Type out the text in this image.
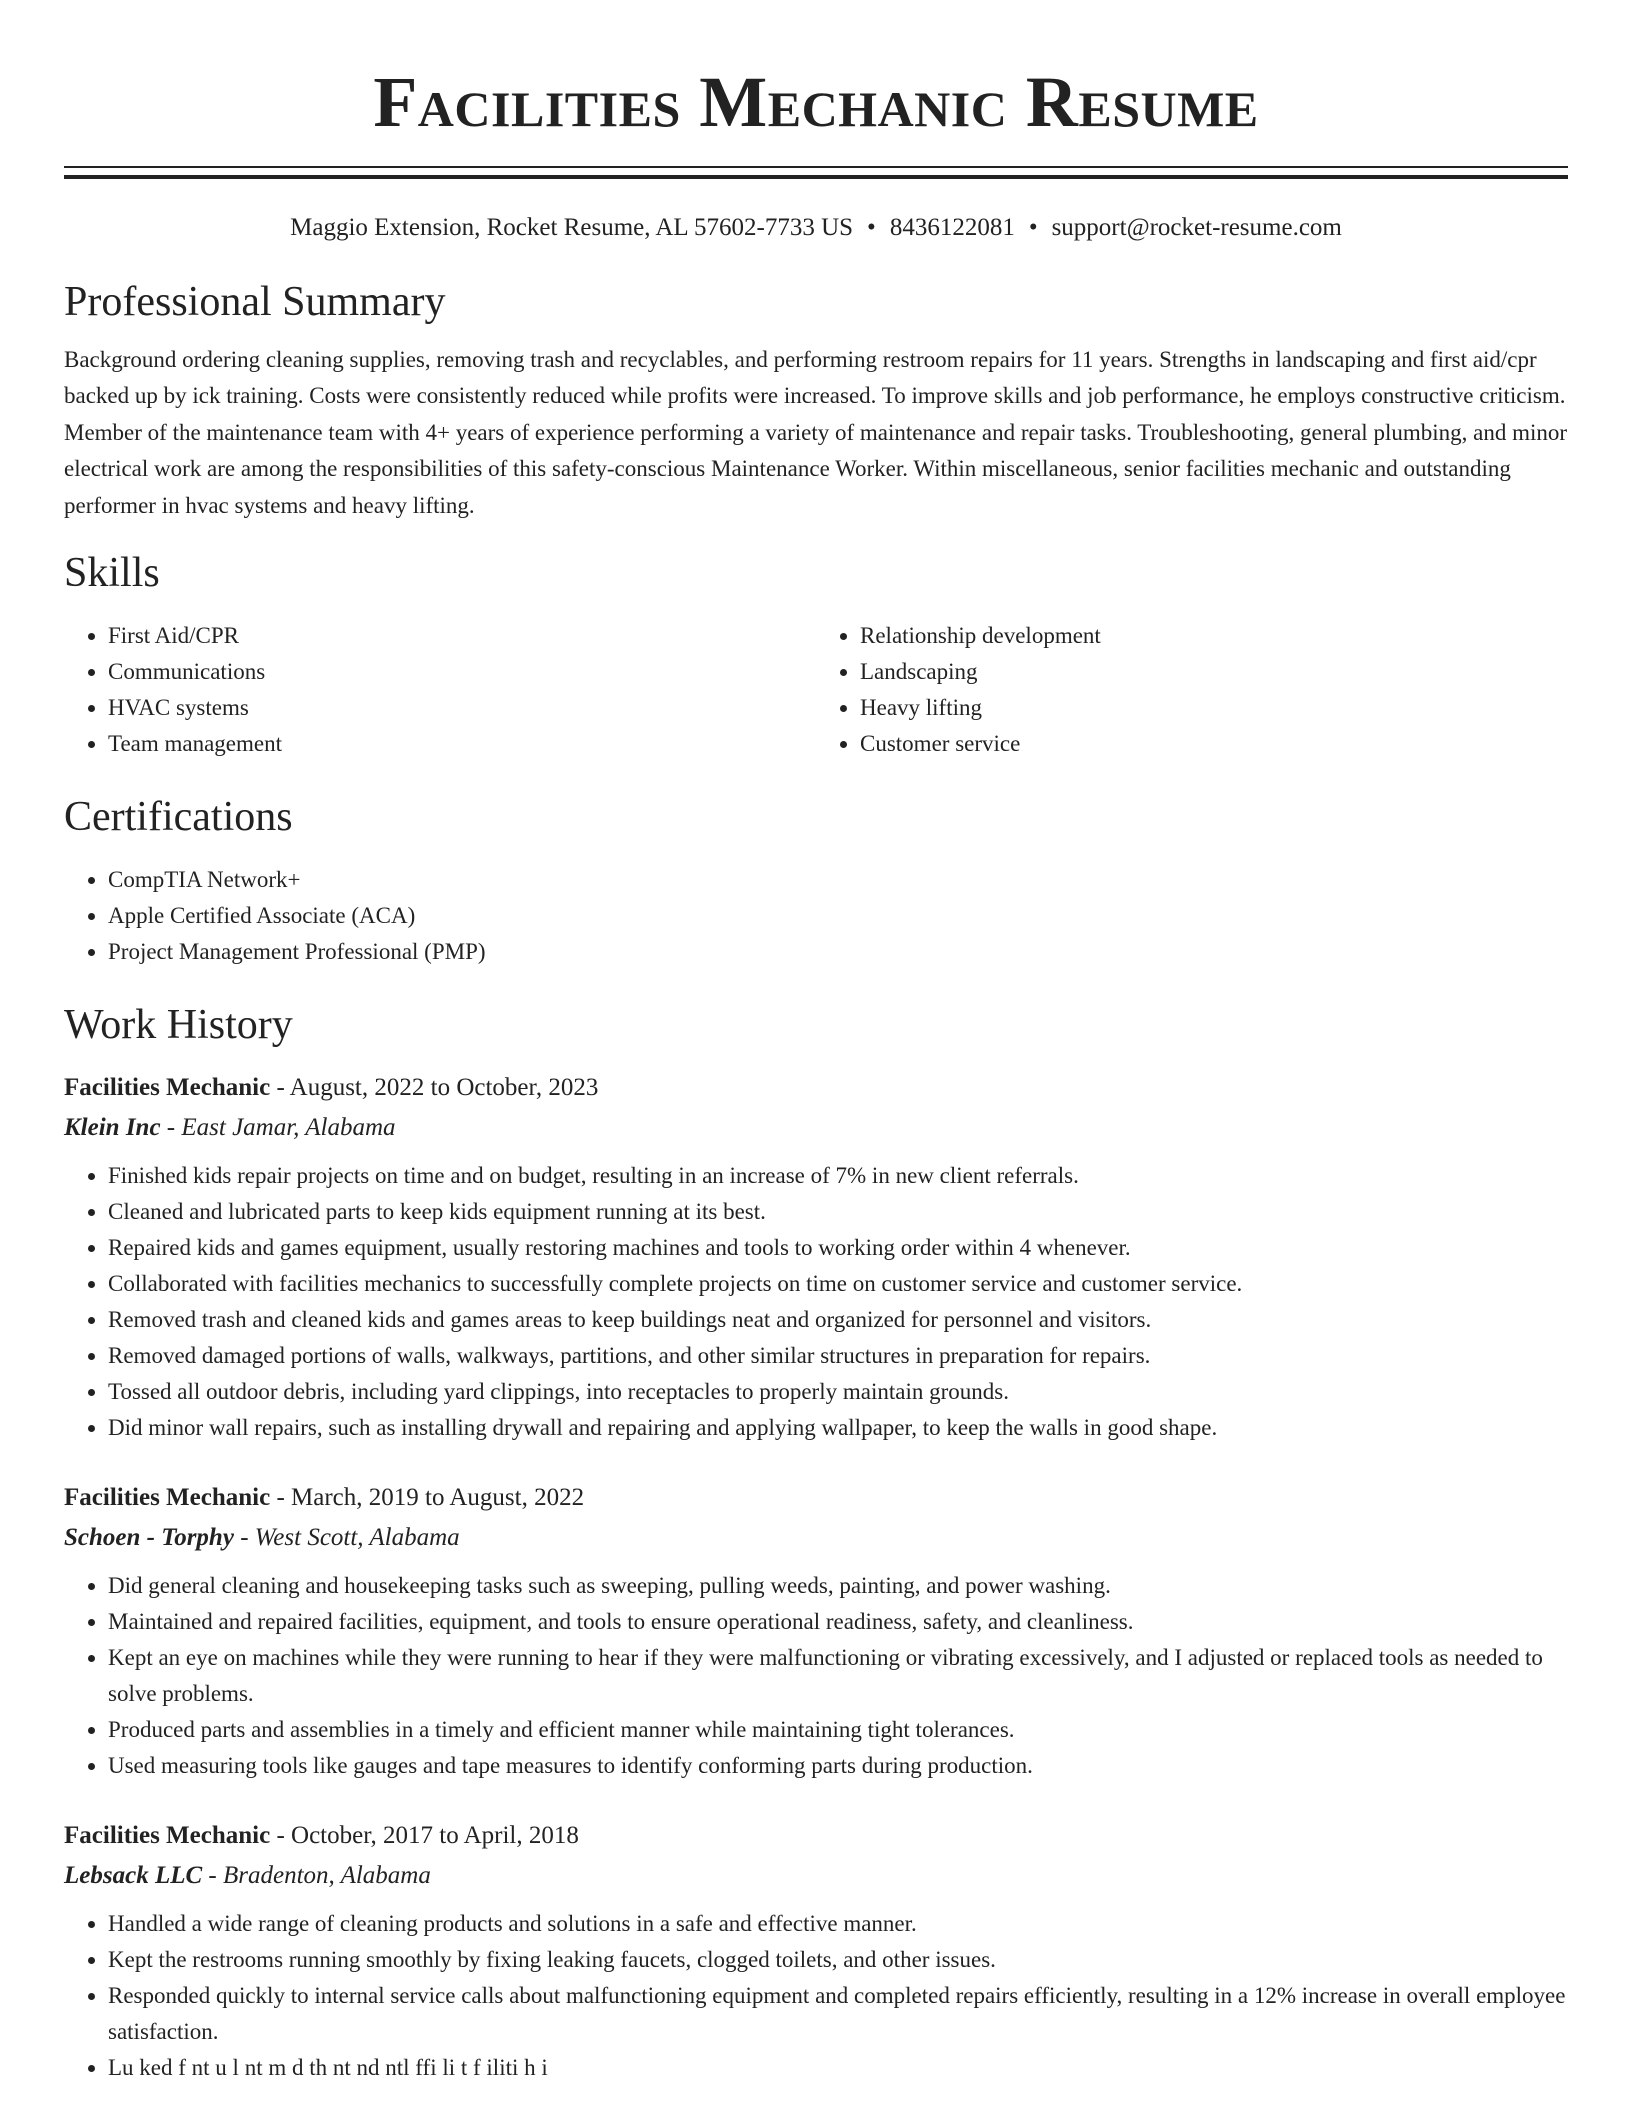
Facilities Mechanic Resume
Maggio Extension, Rocket Resume, AL 57602-7733 US • 8436122081 • support@rocket-resume.com
Professional Summary

Background ordering cleaning supplies, removing trash and recyclables, and performing restroom repairs for 11 years. Strengths in landscaping and first aid/cpr backed up by ick training. Costs were consistently reduced while profits were increased. To improve skills and job performance, he employs constructive criticism. Member of the maintenance team with 4+ years of experience performing a variety of maintenance and repair tasks. Troubleshooting, general plumbing, and minor electrical work are among the responsibilities of this safety-conscious Maintenance Worker. Within miscellaneous, senior facilities mechanic and outstanding performer in hvac systems and heavy lifting.

Skills
• First Aid/CPR
• Communications
• HVAC systems
• Team management
• Relationship development
• Landscaping
• Heavy lifting
• Customer service
Certifications
• CompTIA Network+
• Apple Certified Associate (ACA)
• Project Management Professional (PMP)
Work History
Facilities Mechanic - August, 2022 to October, 2023
Klein Inc - East Jamar, Alabama
• Finished kids repair projects on time and on budget, resulting in an increase of 7% in new client referrals.
• Cleaned and lubricated parts to keep kids equipment running at its best.
• Repaired kids and games equipment, usually restoring machines and tools to working order within 4 whenever.
• Collaborated with facilities mechanics to successfully complete projects on time on customer service and customer service.
• Removed trash and cleaned kids and games areas to keep buildings neat and organized for personnel and visitors.
• Removed damaged portions of walls, walkways, partitions, and other similar structures in preparation for repairs.
• Tossed all outdoor debris, including yard clippings, into receptacles to properly maintain grounds.
• Did minor wall repairs, such as installing drywall and repairing and applying wallpaper, to keep the walls in good shape.
Facilities Mechanic - March, 2019 to August, 2022
Schoen - Torphy - West Scott, Alabama
• Did general cleaning and housekeeping tasks such as sweeping, pulling weeds, painting, and power washing.
• Maintained and repaired facilities, equipment, and tools to ensure operational readiness, safety, and cleanliness.
• Kept an eye on machines while they were running to hear if they were malfunctioning or vibrating excessively, and I adjusted or replaced tools as needed to solve problems.
• Produced parts and assemblies in a timely and efficient manner while maintaining tight tolerances.
• Used measuring tools like gauges and tape measures to identify conforming parts during production.
Facilities Mechanic - October, 2017 to April, 2018
Lebsack LLC - Bradenton, Alabama
• Handled a wide range of cleaning products and solutions in a safe and effective manner.
• Kept the restrooms running smoothly by fixing leaking faucets, clogged toilets, and other issues.
• Responded quickly to internal service calls about malfunctioning equipment and completed repairs efficiently, resulting in a 12% increase in overall employee satisfaction.
• Lu ked f nt u l nt m d th nt nd ntl ffi li t f iliti h i
